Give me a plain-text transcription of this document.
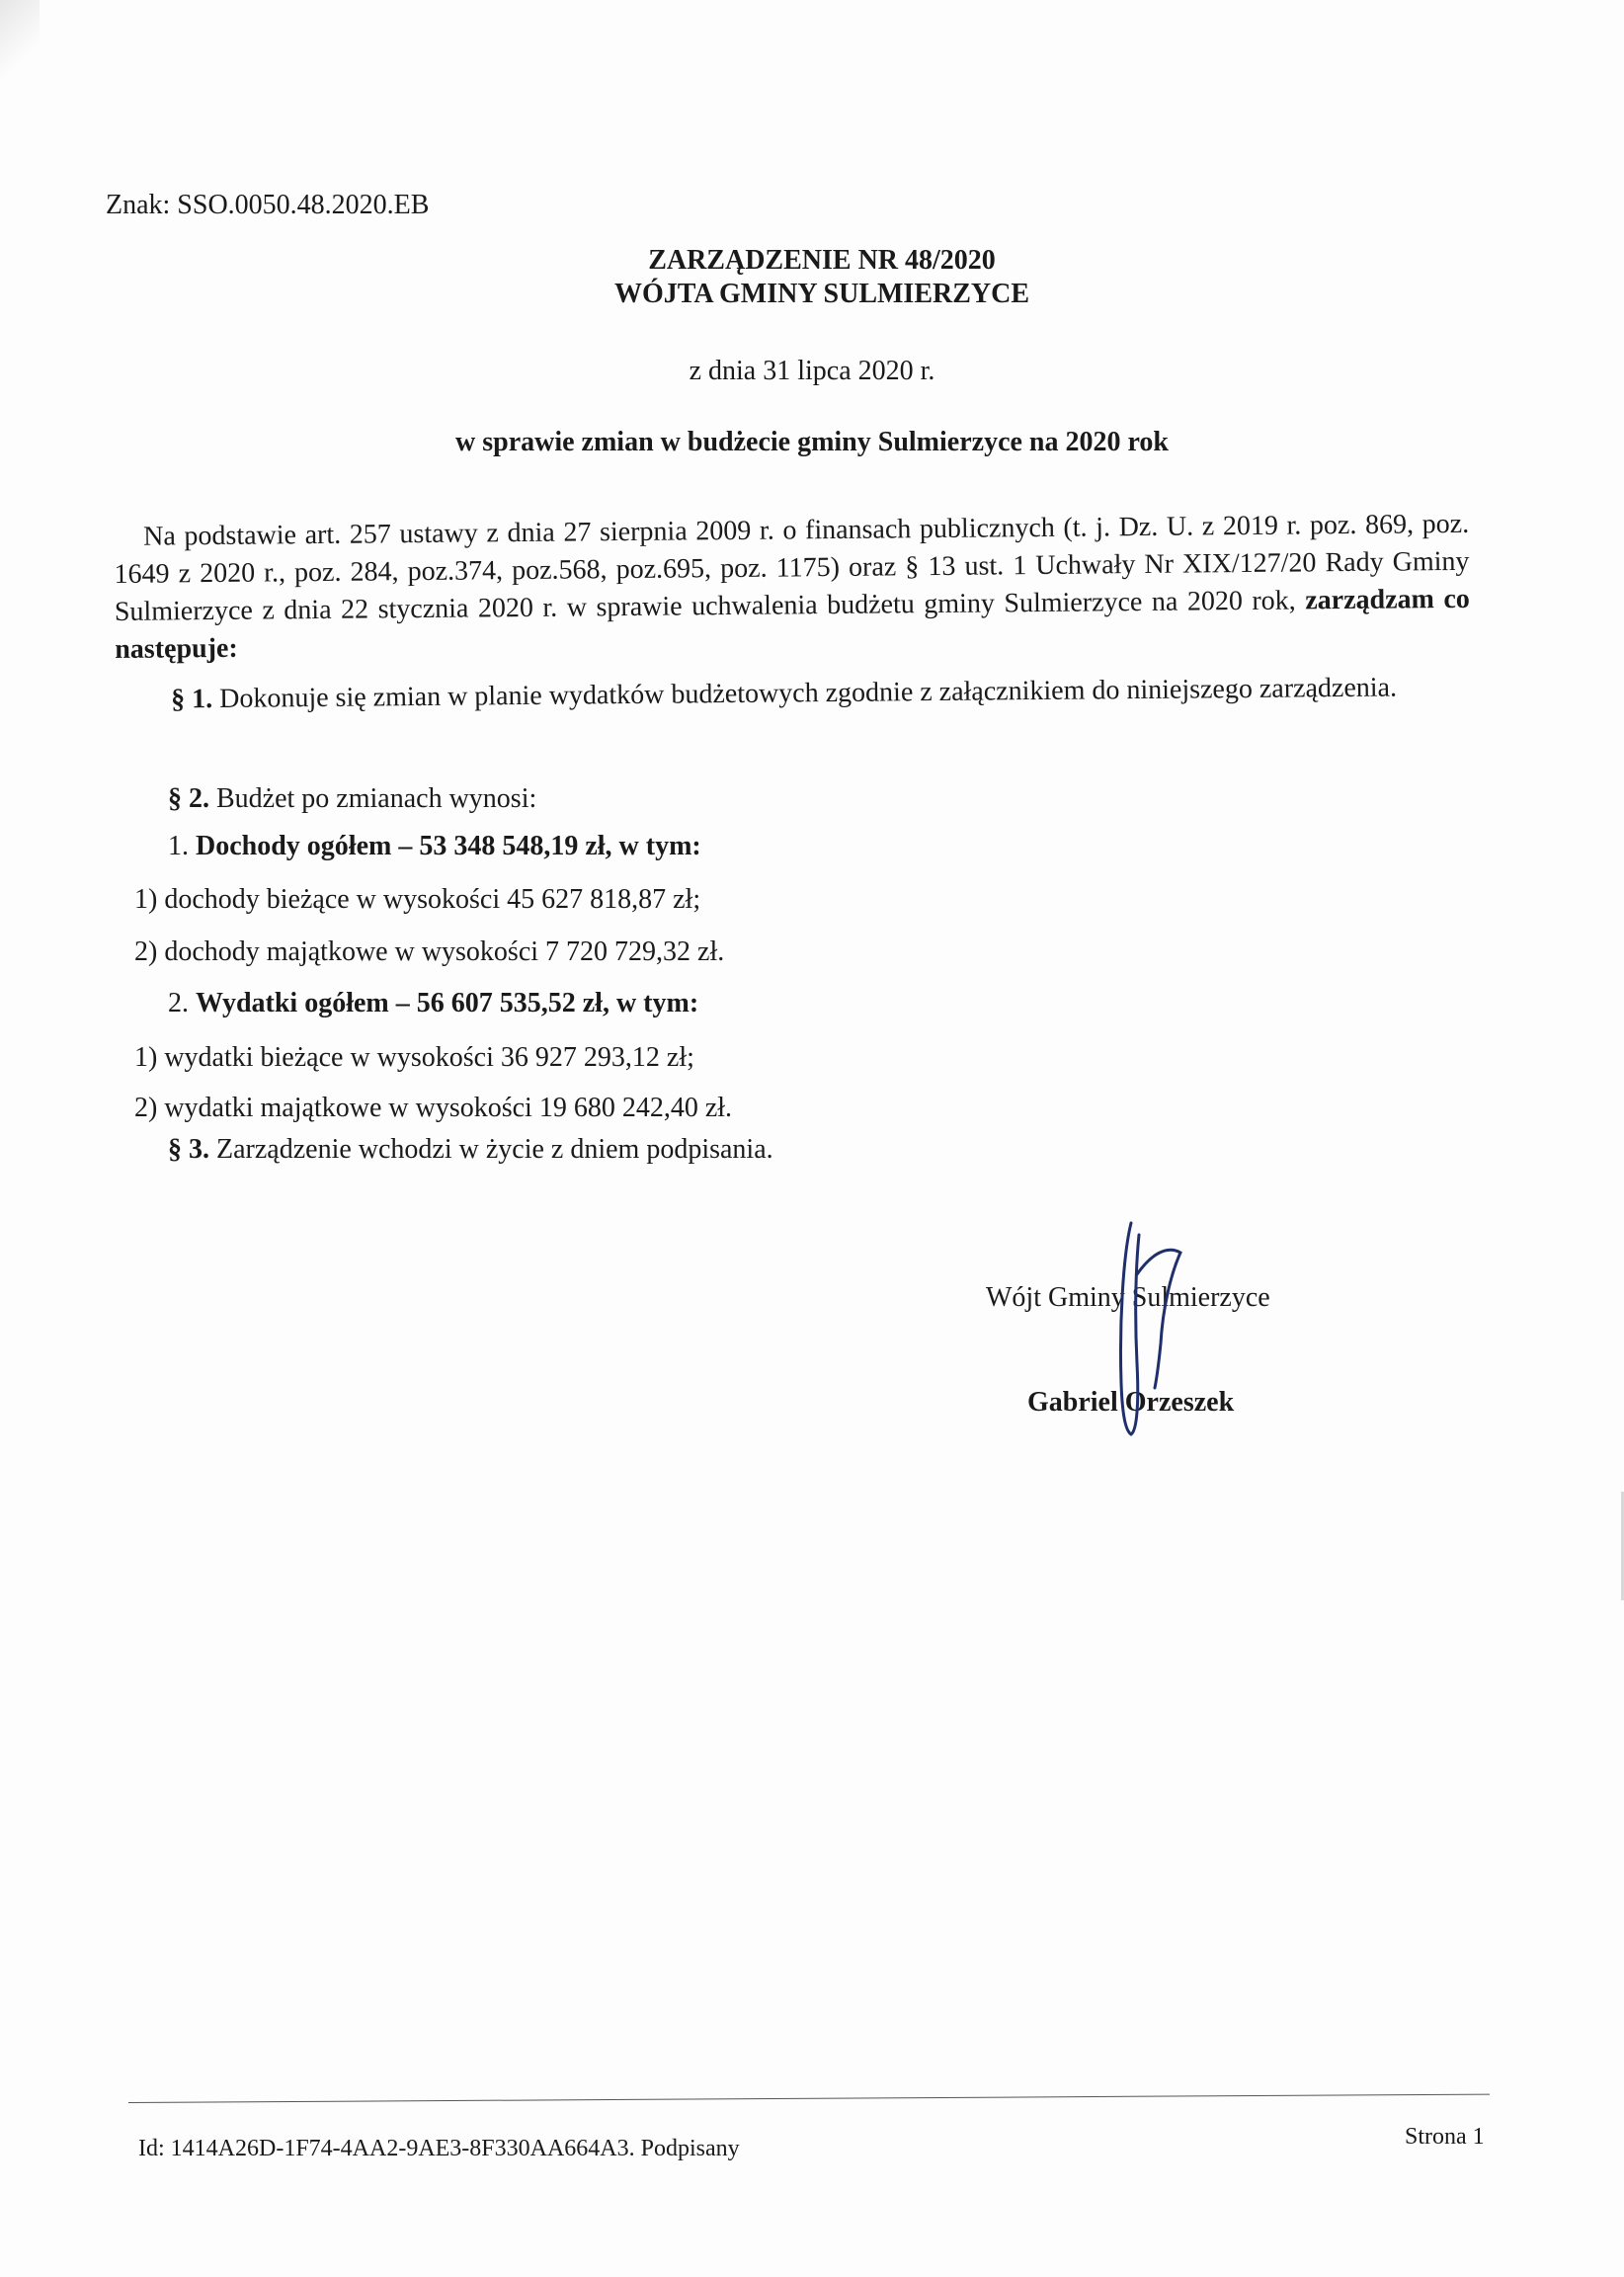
Znak: SSO.0050.48.2020.EB
ZARZĄDZENIE NR 48/2020
WÓJTA GMINY SULMIERZYCE
z dnia 31 lipca 2020 r.
w sprawie zmian w budżecie gminy Sulmierzyce na 2020 rok
Na podstawie art. 257 ustawy z dnia 27 sierpnia 2009 r. o finansach publicznych (t. j. Dz. U. z 2019 r. poz. 869, poz. 1649 z 2020 r., poz. 284, poz.374, poz.568, poz.695, poz. 1175) oraz § 13 ust. 1 Uchwały Nr XIX/127/20 Rady Gminy Sulmierzyce z dnia 22 stycznia 2020 r. w sprawie uchwalenia budżetu gminy Sulmierzyce na 2020 rok, zarządzam co następuje:
§ 1. Dokonuje się zmian w planie wydatków budżetowych zgodnie z załącznikiem do niniejszego zarządzenia.
§ 2. Budżet po zmianach wynosi:
1. Dochody ogółem – 53 348 548,19 zł, w tym:
1) dochody bieżące w wysokości 45 627 818,87 zł;
2) dochody majątkowe w wysokości 7 720 729,32 zł.
2. Wydatki ogółem – 56 607 535,52 zł, w tym:
1) wydatki bieżące w wysokości 36 927 293,12 zł;
2) wydatki majątkowe w wysokości 19 680 242,40 zł.
§ 3. Zarządzenie wchodzi w życie z dniem podpisania.
Wójt Gminy Sulmierzyce
Gabriel Orzeszek
Id: 1414A26D-1F74-4AA2-9AE3-8F330AA664A3. Podpisany	Strona 1
